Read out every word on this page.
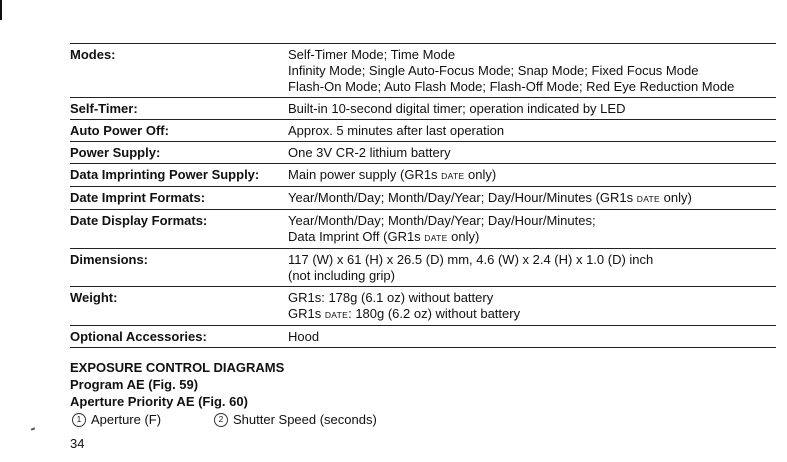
Modes:	Self-Timer Mode; Time Mode
Infinity Mode; Single Auto-Focus Mode; Snap Mode; Fixed Focus Mode
Flash-On Mode; Auto Flash Mode; Flash-Off Mode; Red Eye Reduction Mode
Self-Timer:	Built-in 10-second digital timer; operation indicated by LED
Auto Power Off:	Approx. 5 minutes after last operation
Power Supply:	One 3V CR-2 lithium battery
Data Imprinting Power Supply:	Main power supply (GR1s DATE only)
Date Imprint Formats:	Year/Month/Day; Month/Day/Year; Day/Hour/Minutes (GR1s DATE only)
Date Display Formats:	Year/Month/Day; Month/Day/Year; Day/Hour/Minutes;
Data Imprint Off (GR1s DATE only)
Dimensions:	117 (W) x 61 (H) x 26.5 (D) mm, 4.6 (W) x 2.4 (H) x 1.0 (D) inch
(not including grip)
Weight:	GR1s: 178g (6.1 oz) without battery
GR1s DATE: 180g (6.2 oz) without battery
Optional Accessories:	Hood
EXPOSURE CONTROL DIAGRAMS
Program AE (Fig. 59)
Aperture Priority AE (Fig. 60)
1 Aperture (F)	2 Shutter Speed (seconds)
34
